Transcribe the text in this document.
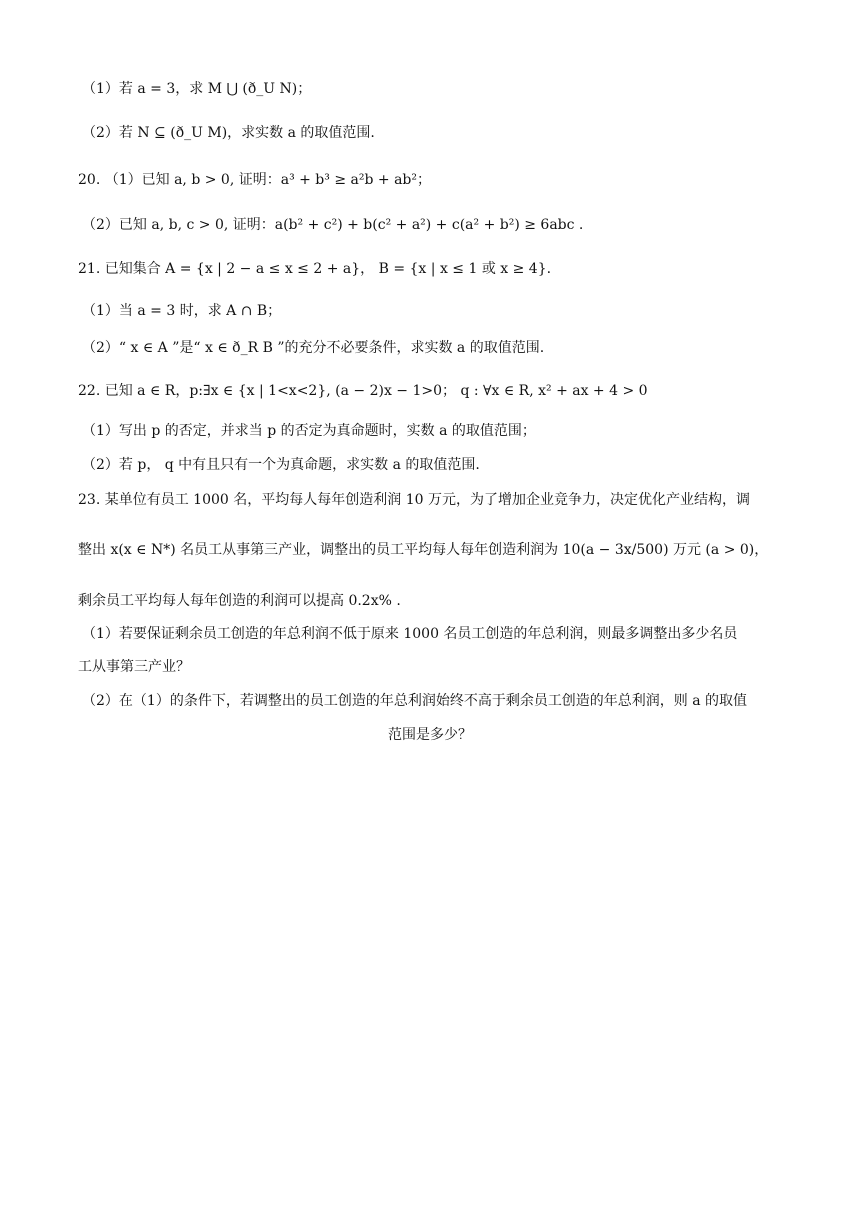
（1）若 a = 3，求 M ⋃ (ð_U N)；
（2）若 N ⊆ (ð_U M)，求实数 a 的取值范围.
20. （1）已知 a, b > 0, 证明：a³ + b³ ≥ a²b + ab²；
（2）已知 a, b, c > 0, 证明：a(b² + c²) + b(c² + a²) + c(a² + b²) ≥ 6abc .
21. 已知集合 A = {x | 2 − a ≤ x ≤ 2 + a}， B = {x | x ≤ 1 或 x ≥ 4}.
（1）当 a = 3 时，求 A ∩ B；
（2）“ x ∈ A ”是“ x ∈ ð_R B ”的充分不必要条件，求实数 a 的取值范围.
22. 已知 a ∈ R，p:∃x ∈ {x | 1<x<2}, (a − 2)x − 1>0； q : ∀x ∈ R, x² + ax + 4 > 0
（1）写出 p 的否定，并求当 p 的否定为真命题时，实数 a 的取值范围；
（2）若 p， q 中有且只有一个为真命题，求实数 a 的取值范围.
23. 某单位有员工 1000 名，平均每人每年创造利润 10 万元，为了增加企业竞争力，决定优化产业结构，调
整出 x(x ∈ N*) 名员工从事第三产业，调整出的员工平均每人每年创造利润为 10(a − 3x/500) 万元 (a > 0)，
剩余员工平均每人每年创造的利润可以提高 0.2x% .
（1）若要保证剩余员工创造的年总利润不低于原来 1000 名员工创造的年总利润，则最多调整出多少名员
工从事第三产业？
（2）在（1）的条件下，若调整出的员工创造的年总利润始终不高于剩余员工创造的年总利润，则 a 的取值
范围是多少？
